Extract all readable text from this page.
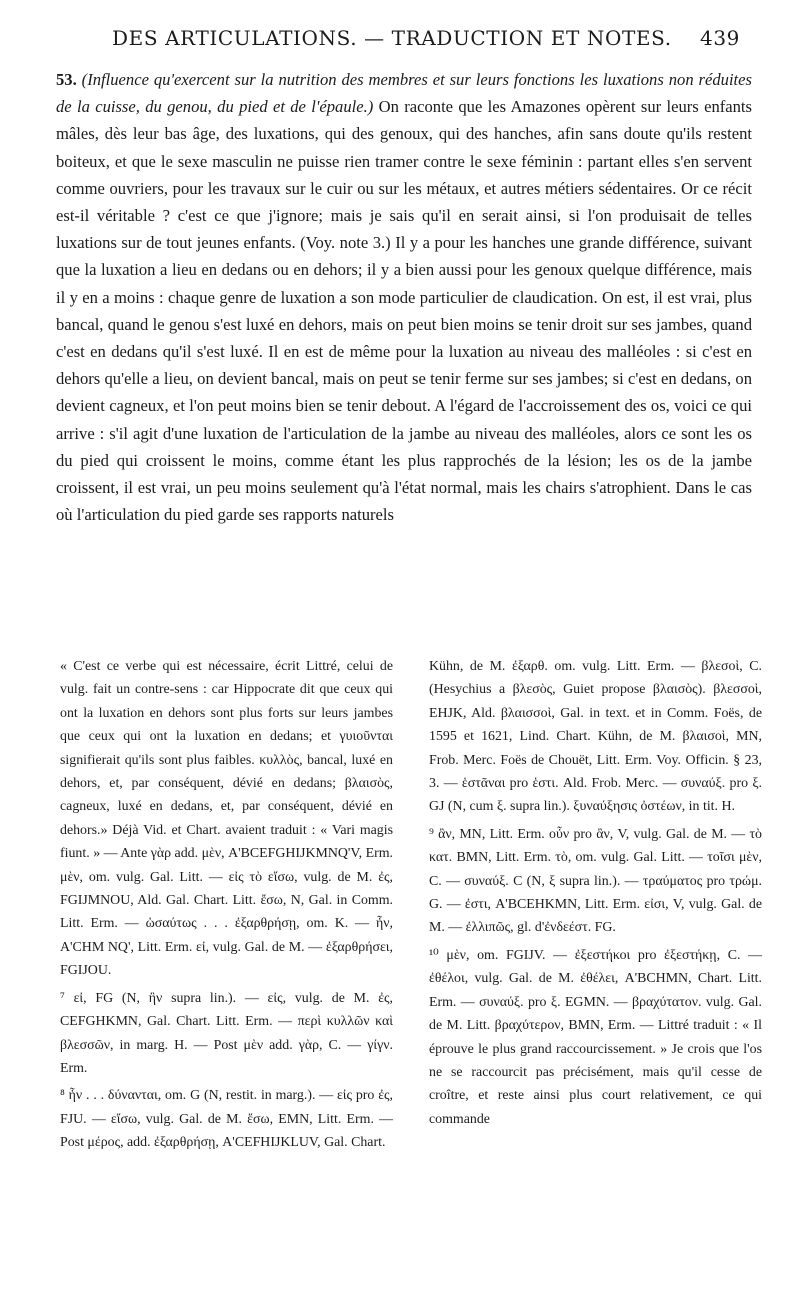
DES ARTICULATIONS. — TRADUCTION ET NOTES. 439

53. (Influence qu'exercent sur la nutrition des membres et sur leurs fonctions les luxations non réduites de la cuisse, du genou, du pied et de l'épaule.) On raconte que les Amazones opèrent sur leurs enfants mâles, dès leur bas âge, des luxations, qui des genoux, qui des hanches, afin sans doute qu'ils restent boiteux, et que le sexe masculin ne puisse rien tramer contre le sexe féminin : partant elles s'en servent comme ouvriers, pour les travaux sur le cuir ou sur les métaux, et autres métiers sédentaires. Or ce récit est-il véritable ? c'est ce que j'ignore; mais je sais qu'il en serait ainsi, si l'on produisait de telles luxations sur de tout jeunes enfants. (Voy. note 3.) Il y a pour les hanches une grande différence, suivant que la luxation a lieu en dedans ou en dehors; il y a bien aussi pour les genoux quelque différence, mais il y en a moins : chaque genre de luxation a son mode particulier de claudication. On est, il est vrai, plus bancal, quand le genou s'est luxé en dehors, mais on peut bien moins se tenir droit sur ses jambes, quand c'est en dedans qu'il s'est luxé. Il en est de même pour la luxation au niveau des malléoles : si c'est en dehors qu'elle a lieu, on devient bancal, mais on peut se tenir ferme sur ses jambes; si c'est en dedans, on devient cagneux, et l'on peut moins bien se tenir debout. A l'égard de l'accroissement des os, voici ce qui arrive : s'il agit d'une luxation de l'articulation de la jambe au niveau des malléoles, alors ce sont les os du pied qui croissent le moins, comme étant les plus rapprochés de la lésion; les os de la jambe croissent, il est vrai, un peu moins seulement qu'à l'état normal, mais les chairs s'atrophient. Dans le cas où l'articulation du pied garde ses rapports naturels

« C'est ce verbe qui est nécessaire, écrit Littré, celui de vulg. fait un contre-sens : car Hippocrate dit que ceux qui ont la luxation en dehors sont plus forts sur leurs jambes que ceux qui ont la luxation en dedans; et γυιοῦνται signifierait qu'ils sont plus faibles. κυλλὸς, bancal, luxé en dehors, et, par conséquent, dévié en dedans; βλαισὸς, cagneux, luxé en dedans, et, par conséquent, dévié en dehors.» Déjà Vid. et Chart. avaient traduit : « Vari magis fiunt. » — Ante γὰρ add. μὲν, A'BCEFGHIJKMNQ'V, Erm. μὲν, om. vulg. Gal. Litt. — εἰς τὸ εἴσω, vulg. de M. ἐς, FGIJMNOU, Ald. Gal. Chart. Litt. ἔσω, N, Gal. in Comm. Litt. Erm. — ὡσαύτως . . . ἐξαρθρήσῃ, om. K. — ἦν, A'CHM NQ', Litt. Erm. εἰ, vulg. Gal. de M. — ἐξαρθρήσει, FGIJOU.

⁷ εἰ, FG (N, ἢν supra lin.). — εἰς, vulg. de M. ἐς, CEFGHKMN, Gal. Chart. Litt. Erm. — περὶ κυλλῶν καὶ βλεσσῶν, in marg. H. — Post μὲν add. γὰρ, C. — γίγν. Erm.

⁸ ἦν . . . δύνανται, om. G (N, restit. in marg.). — εἰς pro ἐς, FJU. — εἴσω, vulg. Gal. de M. ἔσω, EMN, Litt. Erm. — Post μέρος, add. ἐξαρθρήσῃ, A'CEFHIJKLUV, Gal. Chart.

Kühn, de M. ἐξαρθ. om. vulg. Litt. Erm. — βλεσοὶ, C. (Hesychius a βλεσὸς, Guiet propose βλαισὸς). βλεσσοὶ, EHJK, Ald. βλαισσοὶ, Gal. in text. et in Comm. Foës, de 1595 et 1621, Lind. Chart. Kühn, de M. βλαισοὶ, MN, Frob. Merc. Foës de Chouët, Litt. Erm. Voy. Officin. § 23, 3. — ἑστᾶναι pro ἑστι. Ald. Frob. Merc. — συναύξ. pro ξ. GJ (N, cum ξ. supra lin.). ξυναύξησις ὀστέων, in tit. H.

⁹ ἂν, MN, Litt. Erm. οὖν pro ἂν, V, vulg. Gal. de M. — τὸ κατ. BMN, Litt. Erm. τὸ, om. vulg. Gal. Litt. — τοῖσι μὲν, C. — συναύξ. C (N, ξ supra lin.). — τραύματος pro τρώμ. G. — ἐστι, A'BCEHKMN, Litt. Erm. εἰσι, V, vulg. Gal. de M. — ἐλλιπῶς, gl. d'ἐνδεέστ. FG.

¹⁰ μὲν, om. FGIJV. — ἐξεστήκοι pro ἐξεστήκῃ, C. — ἐθέλοι, vulg. Gal. de M. ἐθέλει, A'BCHMN, Chart. Litt. Erm. — συναύξ. pro ξ. EGMN. — βραχύτατον. vulg. Gal. de M. Litt. βραχύτερον, BMN, Erm. — Littré traduit : « Il éprouve le plus grand raccourcissement. » Je crois que l'os ne se raccourcit pas précisément, mais qu'il cesse de croître, et reste ainsi plus court relativement, ce qui commande
